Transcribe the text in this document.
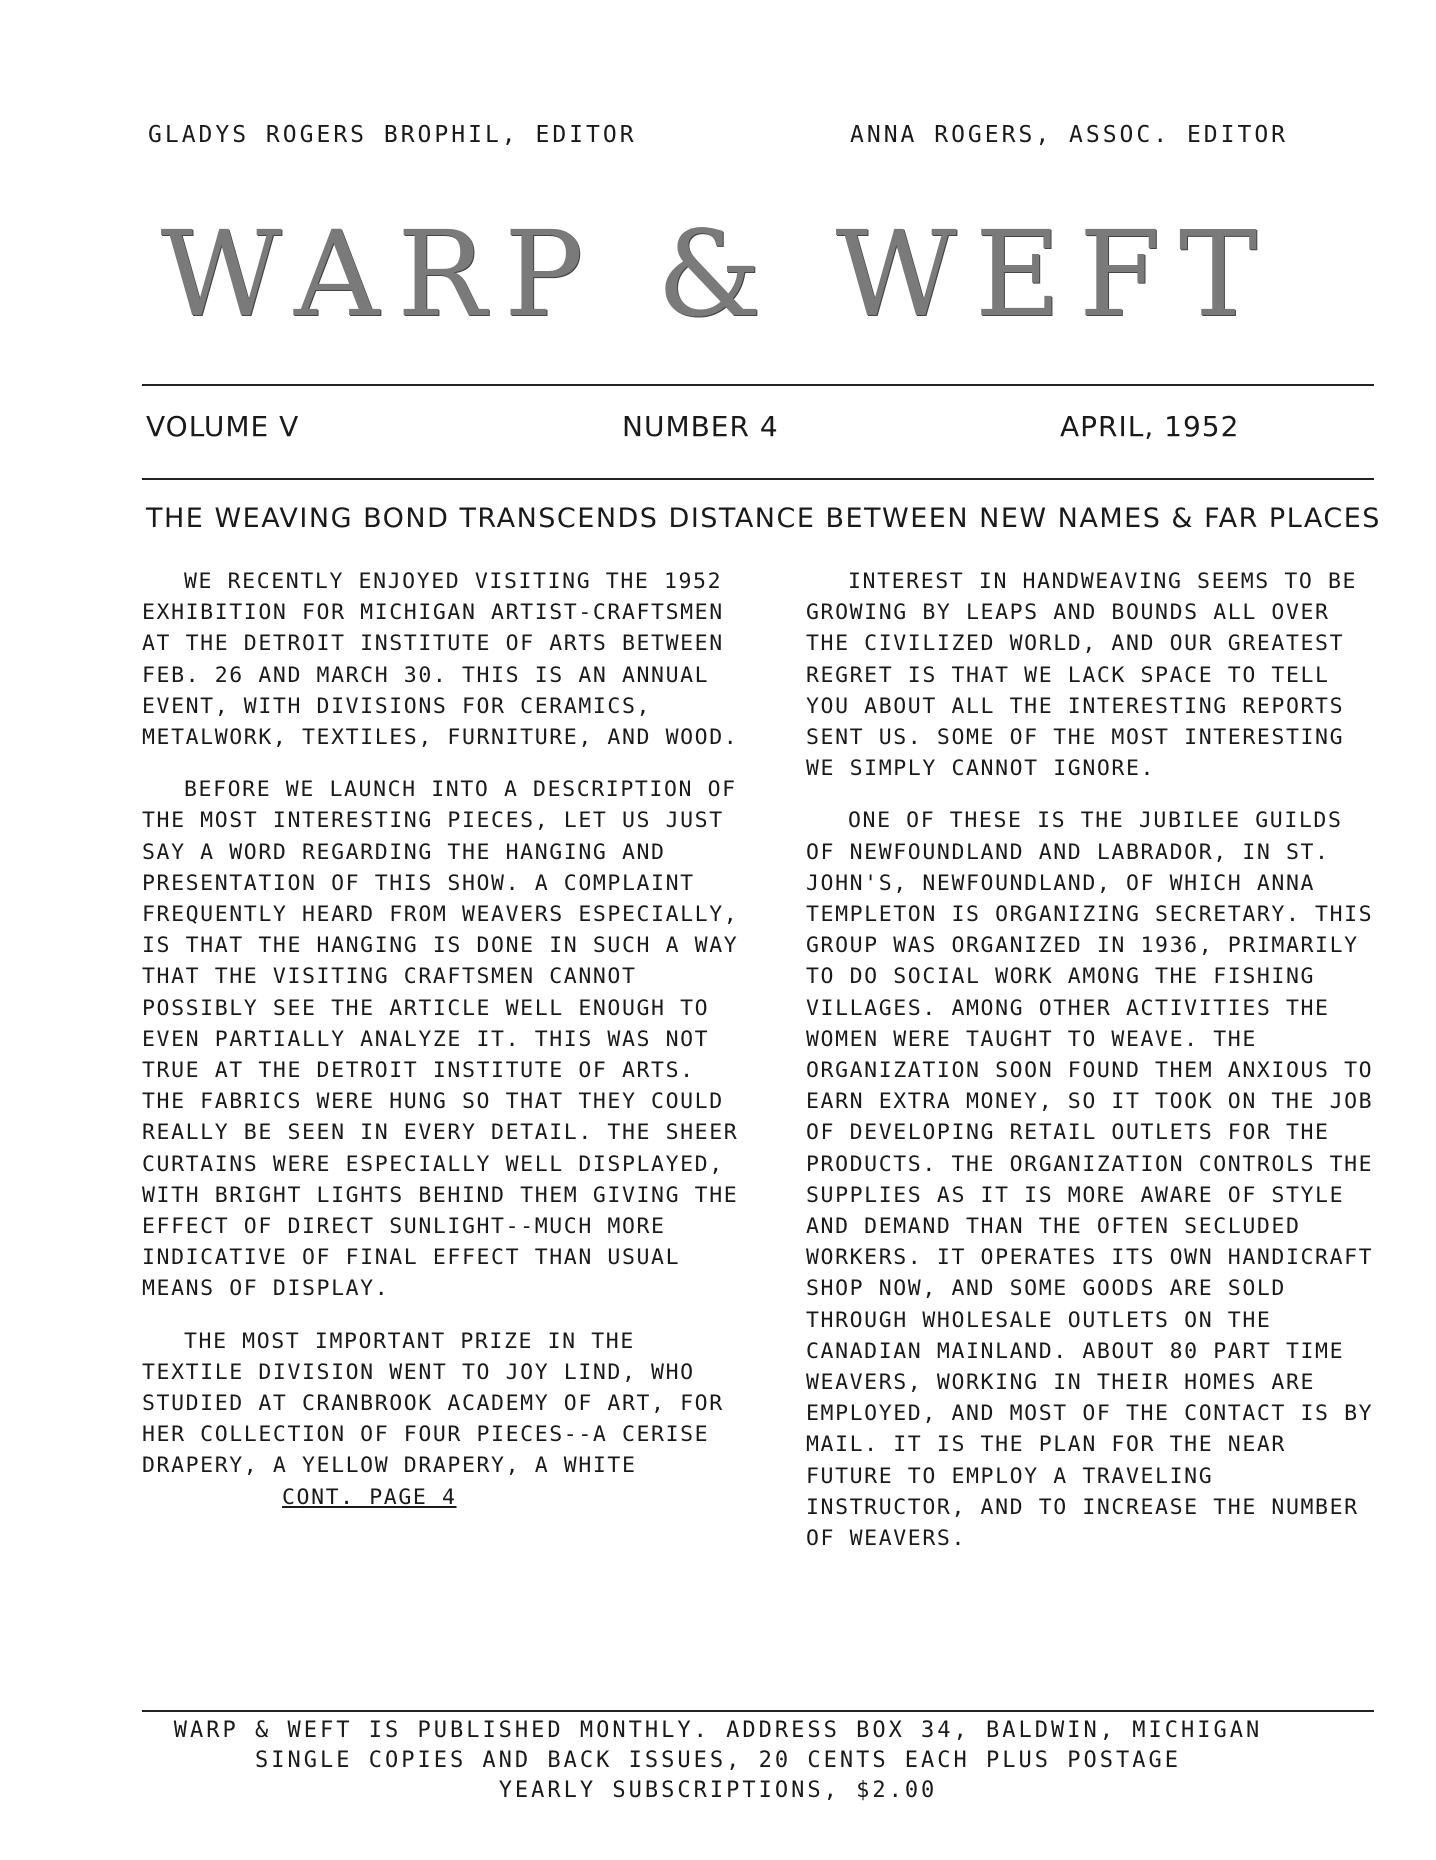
GLADYS ROGERS BROPHIL, EDITOR	ANNA ROGERS, ASSOC. EDITOR
WARP & WEFT
VOLUME V	NUMBER 4	APRIL, 1952
THE WEAVING BOND TRANSCENDS DISTANCE BETWEEN NEW NAMES & FAR PLACES

WE RECENTLY ENJOYED VISITING THE 1952 EXHIBITION FOR MICHIGAN ARTIST-CRAFTSMEN AT THE DETROIT INSTITUTE OF ARTS BETWEEN FEB. 26 AND MARCH 30. THIS IS AN ANNUAL EVENT, WITH DIVISIONS FOR CERAMICS, METALWORK, TEXTILES, FURNITURE, AND WOOD.

BEFORE WE LAUNCH INTO A DESCRIPTION OF THE MOST INTERESTING PIECES, LET US JUST SAY A WORD REGARDING THE HANGING AND PRESENTATION OF THIS SHOW. A COMPLAINT FREQUENTLY HEARD FROM WEAVERS ESPECIALLY, IS THAT THE HANGING IS DONE IN SUCH A WAY THAT THE VISITING CRAFTSMEN CANNOT POSSIBLY SEE THE ARTICLE WELL ENOUGH TO EVEN PARTIALLY ANALYZE IT. THIS WAS NOT TRUE AT THE DETROIT INSTITUTE OF ARTS. THE FABRICS WERE HUNG SO THAT THEY COULD REALLY BE SEEN IN EVERY DETAIL. THE SHEER CURTAINS WERE ESPECIALLY WELL DISPLAYED, WITH BRIGHT LIGHTS BEHIND THEM GIVING THE EFFECT OF DIRECT SUNLIGHT--MUCH MORE INDICATIVE OF FINAL EFFECT THAN USUAL MEANS OF DISPLAY.

THE MOST IMPORTANT PRIZE IN THE TEXTILE DIVISION WENT TO JOY LIND, WHO STUDIED AT CRANBROOK ACADEMY OF ART, FOR HER COLLECTION OF FOUR PIECES--A CERISE DRAPERY, A YELLOW DRAPERY, A WHITE

CONT. PAGE 4

INTEREST IN HANDWEAVING SEEMS TO BE GROWING BY LEAPS AND BOUNDS ALL OVER THE CIVILIZED WORLD, AND OUR GREATEST REGRET IS THAT WE LACK SPACE TO TELL YOU ABOUT ALL THE INTERESTING REPORTS SENT US. SOME OF THE MOST INTERESTING WE SIMPLY CANNOT IGNORE.

ONE OF THESE IS THE JUBILEE GUILDS OF NEWFOUNDLAND AND LABRADOR, IN ST. JOHN'S, NEWFOUNDLAND, OF WHICH ANNA TEMPLETON IS ORGANIZING SECRETARY. THIS GROUP WAS ORGANIZED IN 1936, PRIMARILY TO DO SOCIAL WORK AMONG THE FISHING VILLAGES. AMONG OTHER ACTIVITIES THE WOMEN WERE TAUGHT TO WEAVE. THE ORGANIZATION SOON FOUND THEM ANXIOUS TO EARN EXTRA MONEY, SO IT TOOK ON THE JOB OF DEVELOPING RETAIL OUTLETS FOR THE PRODUCTS. THE ORGANIZATION CONTROLS THE SUPPLIES AS IT IS MORE AWARE OF STYLE AND DEMAND THAN THE OFTEN SECLUDED WORKERS. IT OPERATES ITS OWN HANDICRAFT SHOP NOW, AND SOME GOODS ARE SOLD THROUGH WHOLESALE OUTLETS ON THE CANADIAN MAINLAND. ABOUT 80 PART TIME WEAVERS, WORKING IN THEIR HOMES ARE EMPLOYED, AND MOST OF THE CONTACT IS BY MAIL. IT IS THE PLAN FOR THE NEAR FUTURE TO EMPLOY A TRAVELING INSTRUCTOR, AND TO INCREASE THE NUMBER OF WEAVERS.

WARP & WEFT IS PUBLISHED MONTHLY. ADDRESS BOX 34, BALDWIN, MICHIGAN
SINGLE COPIES AND BACK ISSUES, 20 CENTS EACH PLUS POSTAGE
YEARLY SUBSCRIPTIONS, $2.00
